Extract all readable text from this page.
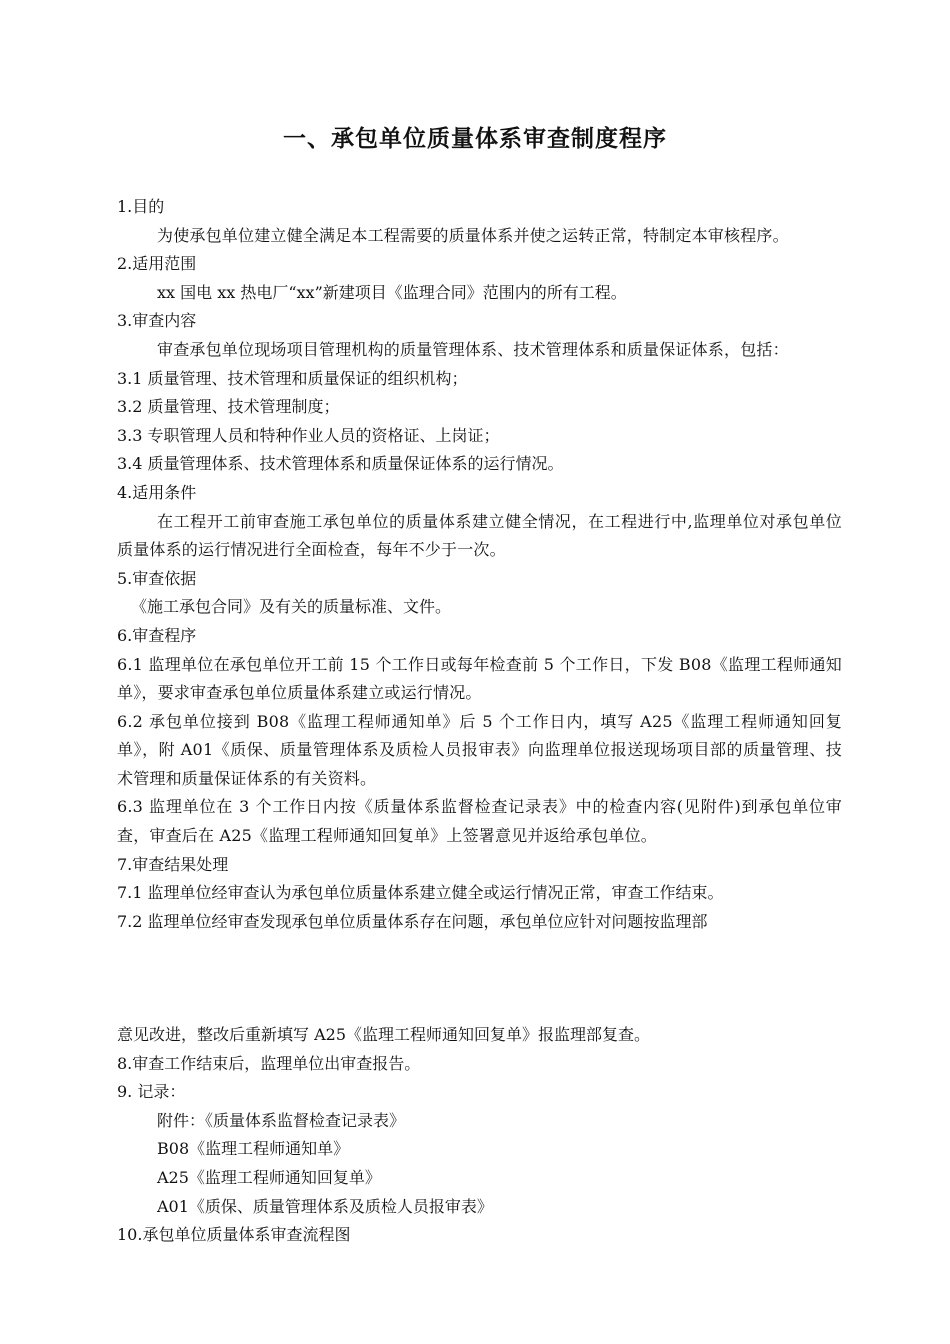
一、承包单位质量体系审查制度程序
1.目的
为使承包单位建立健全满足本工程需要的质量体系并使之运转正常，特制定本审核程序。
2.适用范围
xx 国电 xx 热电厂“xx”新建项目《监理合同》范围内的所有工程。
3.审查内容
审查承包单位现场项目管理机构的质量管理体系、技术管理体系和质量保证体系，包括：
3.1 质量管理、技术管理和质量保证的组织机构；
3.2 质量管理、技术管理制度；
3.3 专职管理人员和特种作业人员的资格证、上岗证；
3.4 质量管理体系、技术管理体系和质量保证体系的运行情况。
4.适用条件
在工程开工前审查施工承包单位的质量体系建立健全情况，在工程进行中,监理单位对承包单位质量体系的运行情况进行全面检查，每年不少于一次。
5.审查依据
《施工承包合同》及有关的质量标准、文件。
6.审查程序
6.1 监理单位在承包单位开工前 15 个工作日或每年检查前 5 个工作日，下发 B08《监理工程师通知单》，要求审查承包单位质量体系建立或运行情况。
6.2 承包单位接到 B08《监理工程师通知单》后 5 个工作日内，填写 A25《监理工程师通知回复单》，附 A01《质保、质量管理体系及质检人员报审表》向监理单位报送现场项目部的质量管理、技术管理和质量保证体系的有关资料。
6.3 监理单位在 3 个工作日内按《质量体系监督检查记录表》中的检查内容(见附件)到承包单位审查，审查后在 A25《监理工程师通知回复单》上签署意见并返给承包单位。
7.审查结果处理
7.1 监理单位经审查认为承包单位质量体系建立健全或运行情况正常，审查工作结束。
7.2 监理单位经审查发现承包单位质量体系存在问题，承包单位应针对问题按监理部
意见改进，整改后重新填写 A25《监理工程师通知回复单》报监理部复查。
8.审查工作结束后，监理单位出审查报告。
9. 记录：
附件：《质量体系监督检查记录表》
B08《监理工程师通知单》
A25《监理工程师通知回复单》
A01《质保、质量管理体系及质检人员报审表》
10.承包单位质量体系审查流程图
